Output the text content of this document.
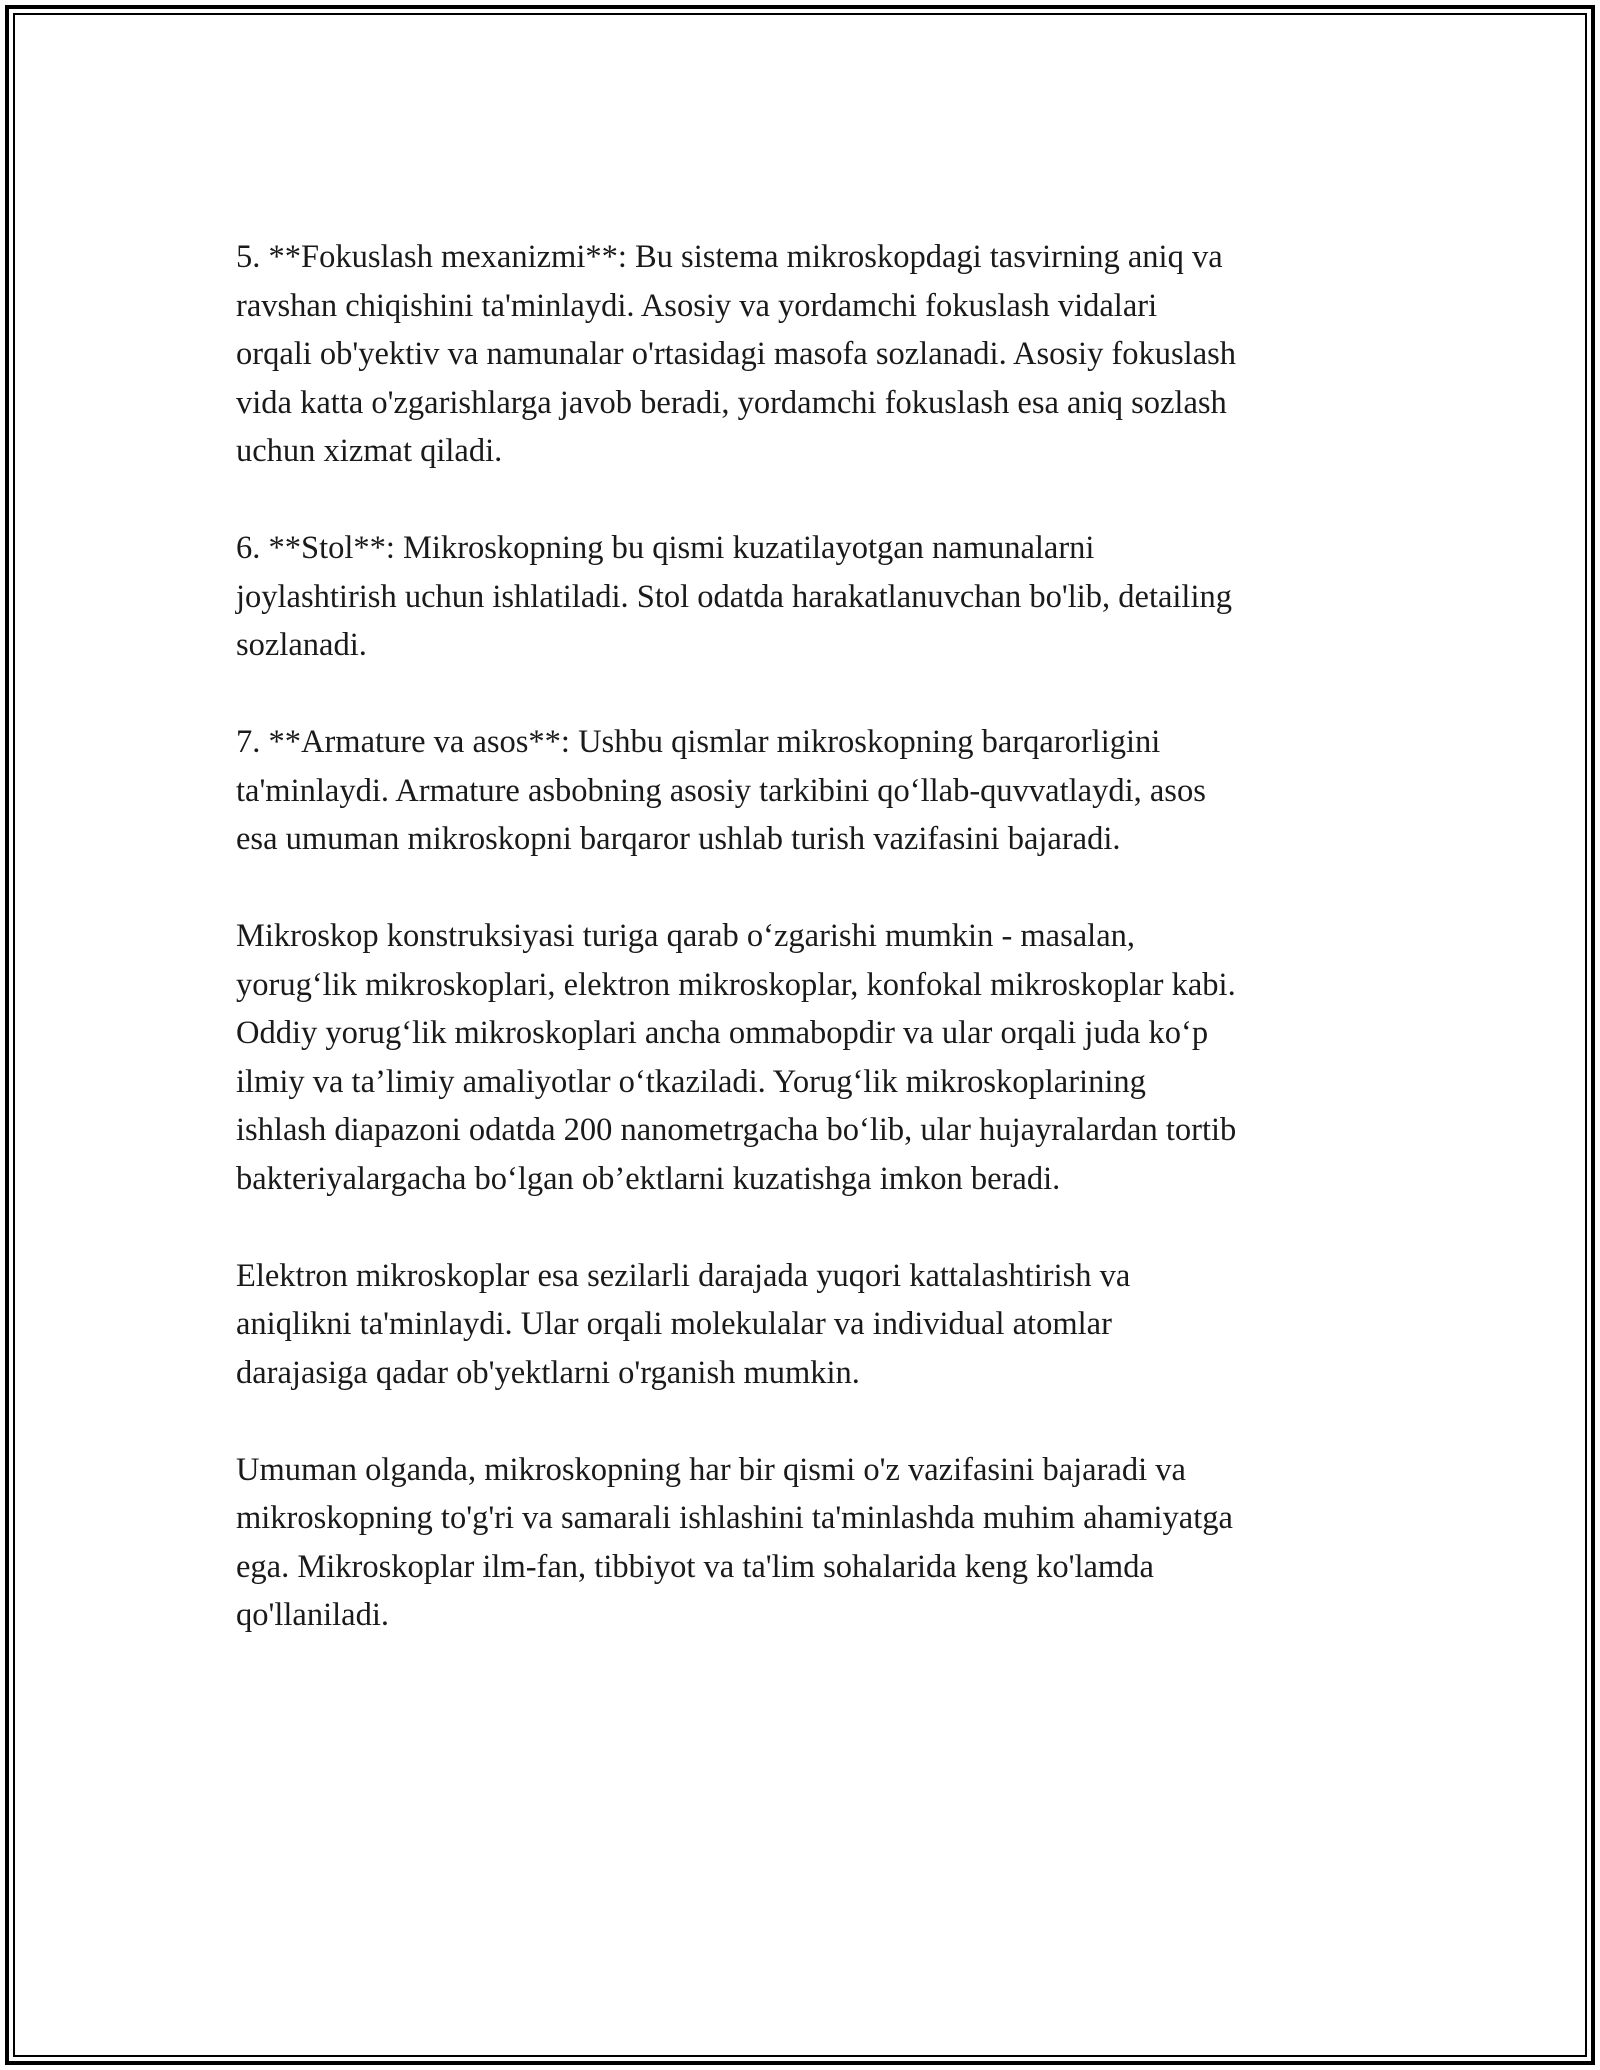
5. **Fokuslash mexanizmi**: Bu sistema mikroskopdagi tasvirning aniq va
ravshan chiqishini ta'minlaydi. Asosiy va yordamchi fokuslash vidalari
orqali ob'yektiv va namunalar o'rtasidagi masofa sozlanadi. Asosiy fokuslash
vida katta o'zgarishlarga javob beradi, yordamchi fokuslash esa aniq sozlash
uchun xizmat qiladi.

6. **Stol**: Mikroskopning bu qismi kuzatilayotgan namunalarni
joylashtirish uchun ishlatiladi. Stol odatda harakatlanuvchan bo'lib, detailing
sozlanadi.

7. **Armature va asos**: Ushbu qismlar mikroskopning barqarorligini
ta'minlaydi. Armature asbobning asosiy tarkibini qo‘llab-quvvatlaydi, asos
esa umuman mikroskopni barqaror ushlab turish vazifasini bajaradi.

Mikroskop konstruksiyasi turiga qarab o‘zgarishi mumkin - masalan,
yorug‘lik mikroskoplari, elektron mikroskoplar, konfokal mikroskoplar kabi.
Oddiy yorug‘lik mikroskoplari ancha ommabopdir va ular orqali juda ko‘p
ilmiy va ta’limiy amaliyotlar o‘tkaziladi. Yorug‘lik mikroskoplarining
ishlash diapazoni odatda 200 nanometrgacha bo‘lib, ular hujayralardan tortib
bakteriyalargacha bo‘lgan ob’ektlarni kuzatishga imkon beradi.

Elektron mikroskoplar esa sezilarli darajada yuqori kattalashtirish va
aniqlikni ta'minlaydi. Ular orqali molekulalar va individual atomlar
darajasiga qadar ob'yektlarni o'rganish mumkin.

Umuman olganda, mikroskopning har bir qismi o'z vazifasini bajaradi va
mikroskopning to'g'ri va samarali ishlashini ta'minlashda muhim ahamiyatga
ega. Mikroskoplar ilm-fan, tibbiyot va ta'lim sohalarida keng ko'lamda
qo'llaniladi.
